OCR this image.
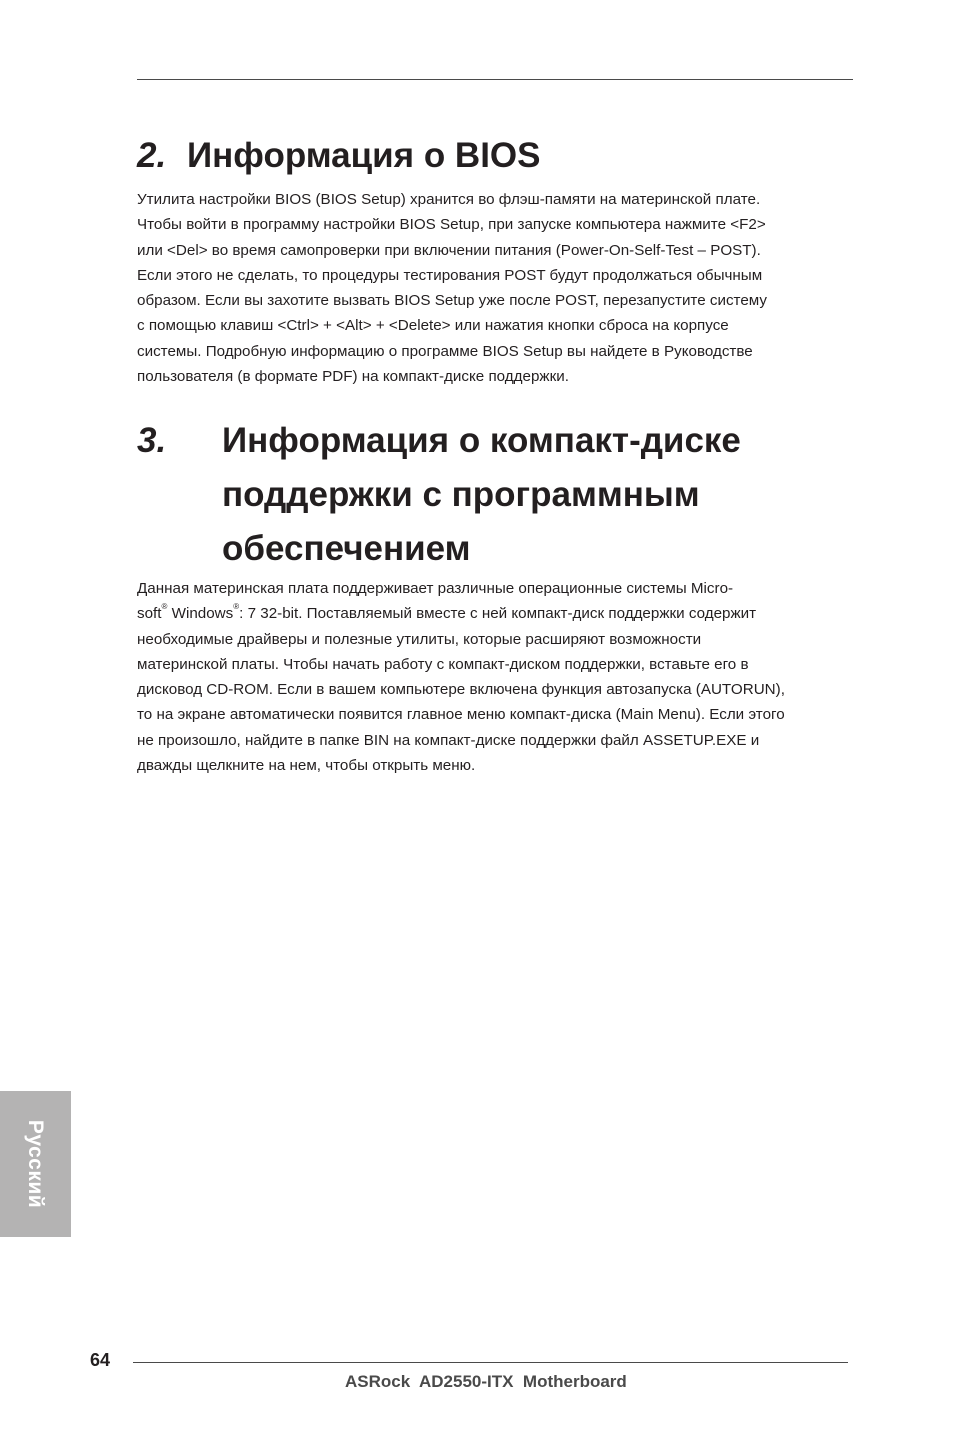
2. Информация о BIOS
Утилита настройки BIOS (BIOS Setup) хранится во флэш-памяти на материнской плате.
Чтобы войти в программу настройки BIOS Setup, при запуске компьютера нажмите <F2>
или <Del> во время самопроверки при включении питания (Power-On-Self-Test – POST).
Если этого не сделать, то процедуры тестирования POST будут продолжаться обычным
образом. Если вы захотите вызвать BIOS Setup уже после POST, перезапустите систему
с помощью клавиш <Ctrl> + <Alt> + <Delete> или нажатия кнопки сброса на корпусе
системы. Подробную информацию о программе BIOS Setup вы найдете в Руководстве
пользователя (в формате PDF) на компакт-диске поддержки.
3. Информация о компакт-диске
поддержки с программным
обеспечением
Данная материнская плата поддерживает различные операционные системы Micro-
soft® Windows®: 7 32-bit. Поставляемый вместе с ней компакт-диск поддержки содержит
необходимые драйверы и полезные утилиты, которые расширяют возможности
материнской платы. Чтобы начать работу с компакт-диском поддержки, вставьте его в
дисковод CD-ROM. Если в вашем компьютере включена функция автозапуска (AUTORUN),
то на экране автоматически появится главное меню компакт-диска (Main Menu). Если этого
не произошло, найдите в папке BIN на компакт-диске поддержки файл ASSETUP.EXE и
дважды щелкните на нем, чтобы открыть меню.
Русский
64
ASRock  AD2550-ITX  Motherboard
